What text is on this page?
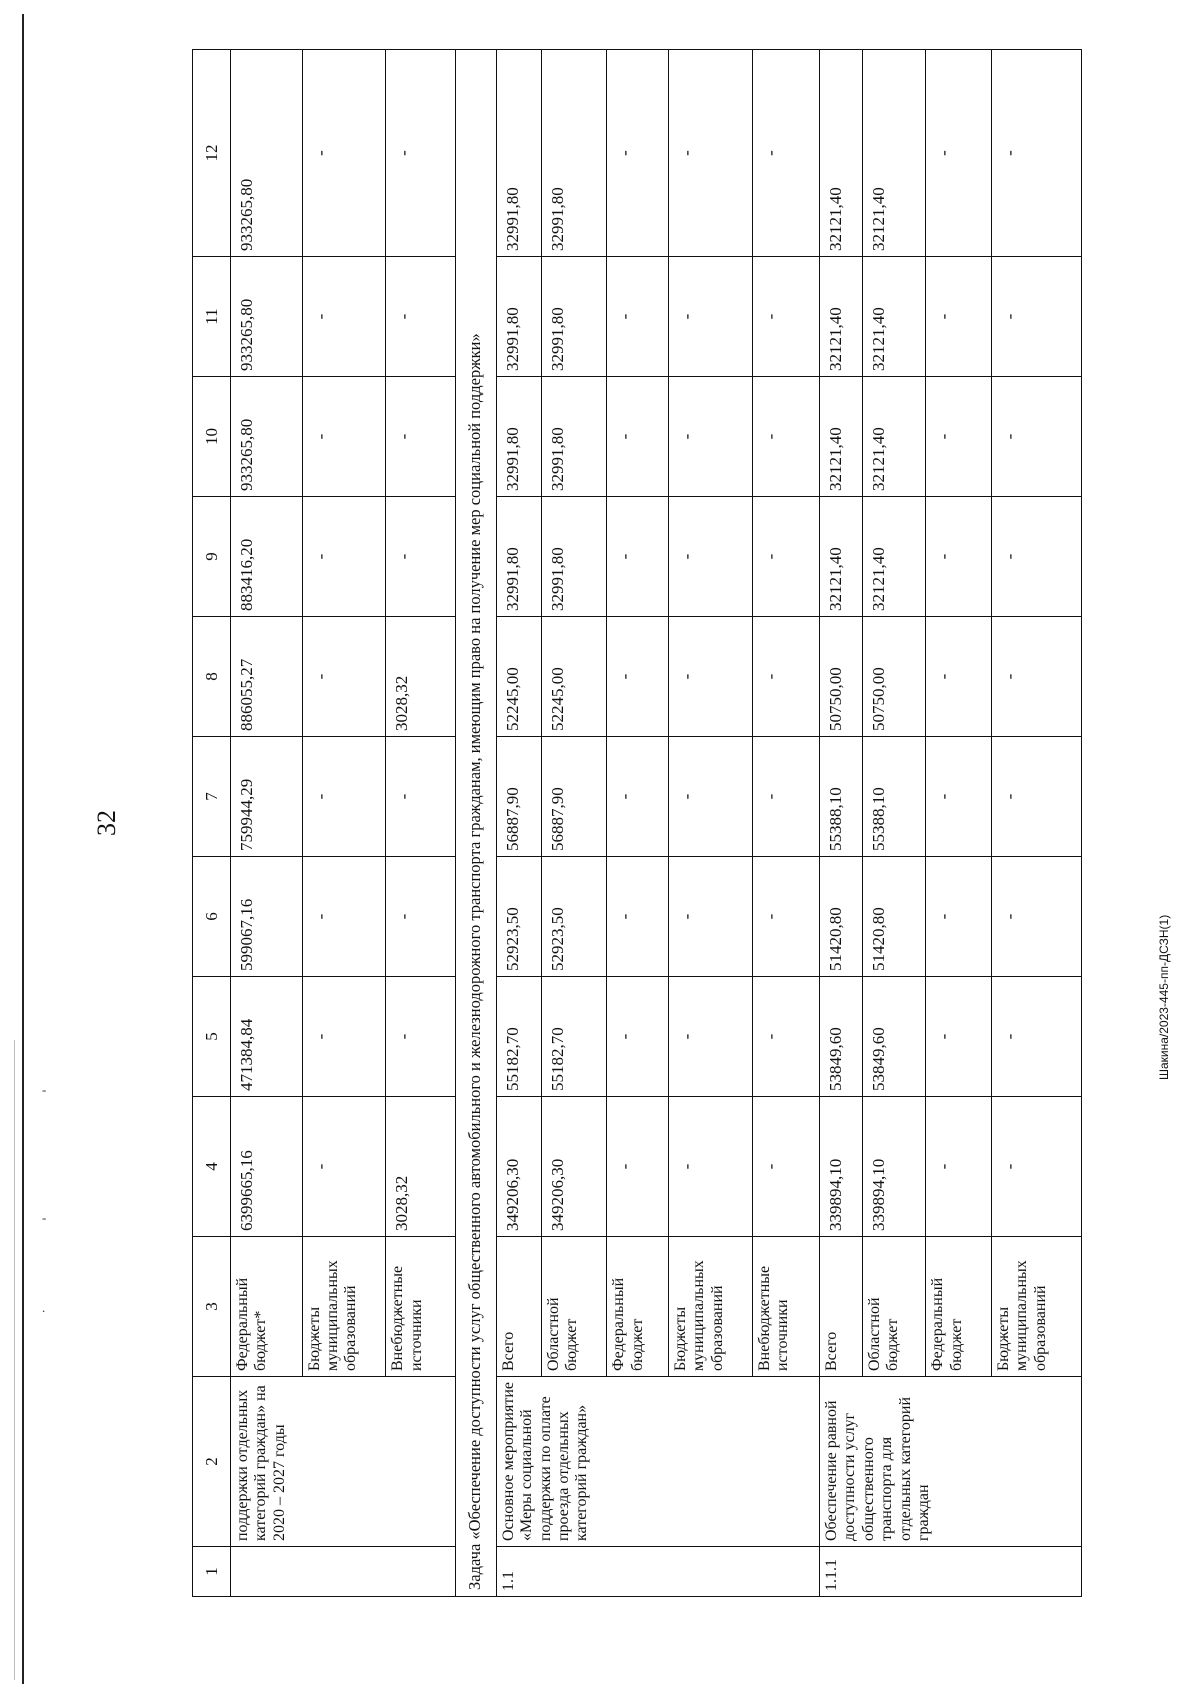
-
-
.
32
Шакина/2023-445-пп-ДСЗН(1)
1	2	3	4	5	6	7	8	9	10	11	12
	поддержки отдельных категорий граждан» на 2020 – 2027 годы	Федеральный бюджет*	6399665,16	471384,84	599067,16	759944,29	886055,27	883416,20	933265,80	933265,80	933265,80
		Бюджеты муниципальных образований	-	-	-	-	-	-	-	-	-
		Внебюджетные источники	3028,32	-	-	-	3028,32	-	-	-	-
Задача «Обеспечение доступности услуг общественного автомобильного и железнодорожного транспорта гражданам, имеющим право на получение мер социальной поддержки»											
1.1	Основное мероприятие «Меры социальной поддержки по оплате проезда отдельных категорий граждан»	Всего	349206,30	55182,70	52923,50	56887,90	52245,00	32991,80	32991,80	32991,80	32991,80
		Областной бюджет	349206,30	55182,70	52923,50	56887,90	52245,00	32991,80	32991,80	32991,80	32991,80
		Федеральный бюджет	-	-	-	-	-	-	-	-	-
		Бюджеты муниципальных образований	-	-	-	-	-	-	-	-	-
		Внебюджетные источники	-	-	-	-	-	-	-	-	-
1.1.1	Обеспечение равной доступности услуг общественного транспорта для отдельных категорий граждан	Всего	339894,10	53849,60	51420,80	55388,10	50750,00	32121,40	32121,40	32121,40	32121,40
		Областной бюджет	339894,10	53849,60	51420,80	55388,10	50750,00	32121,40	32121,40	32121,40	32121,40
		Федеральный бюджет	-	-	-	-	-	-	-	-	-
		Бюджеты муниципальных образований	-	-	-	-	-	-	-	-	-
